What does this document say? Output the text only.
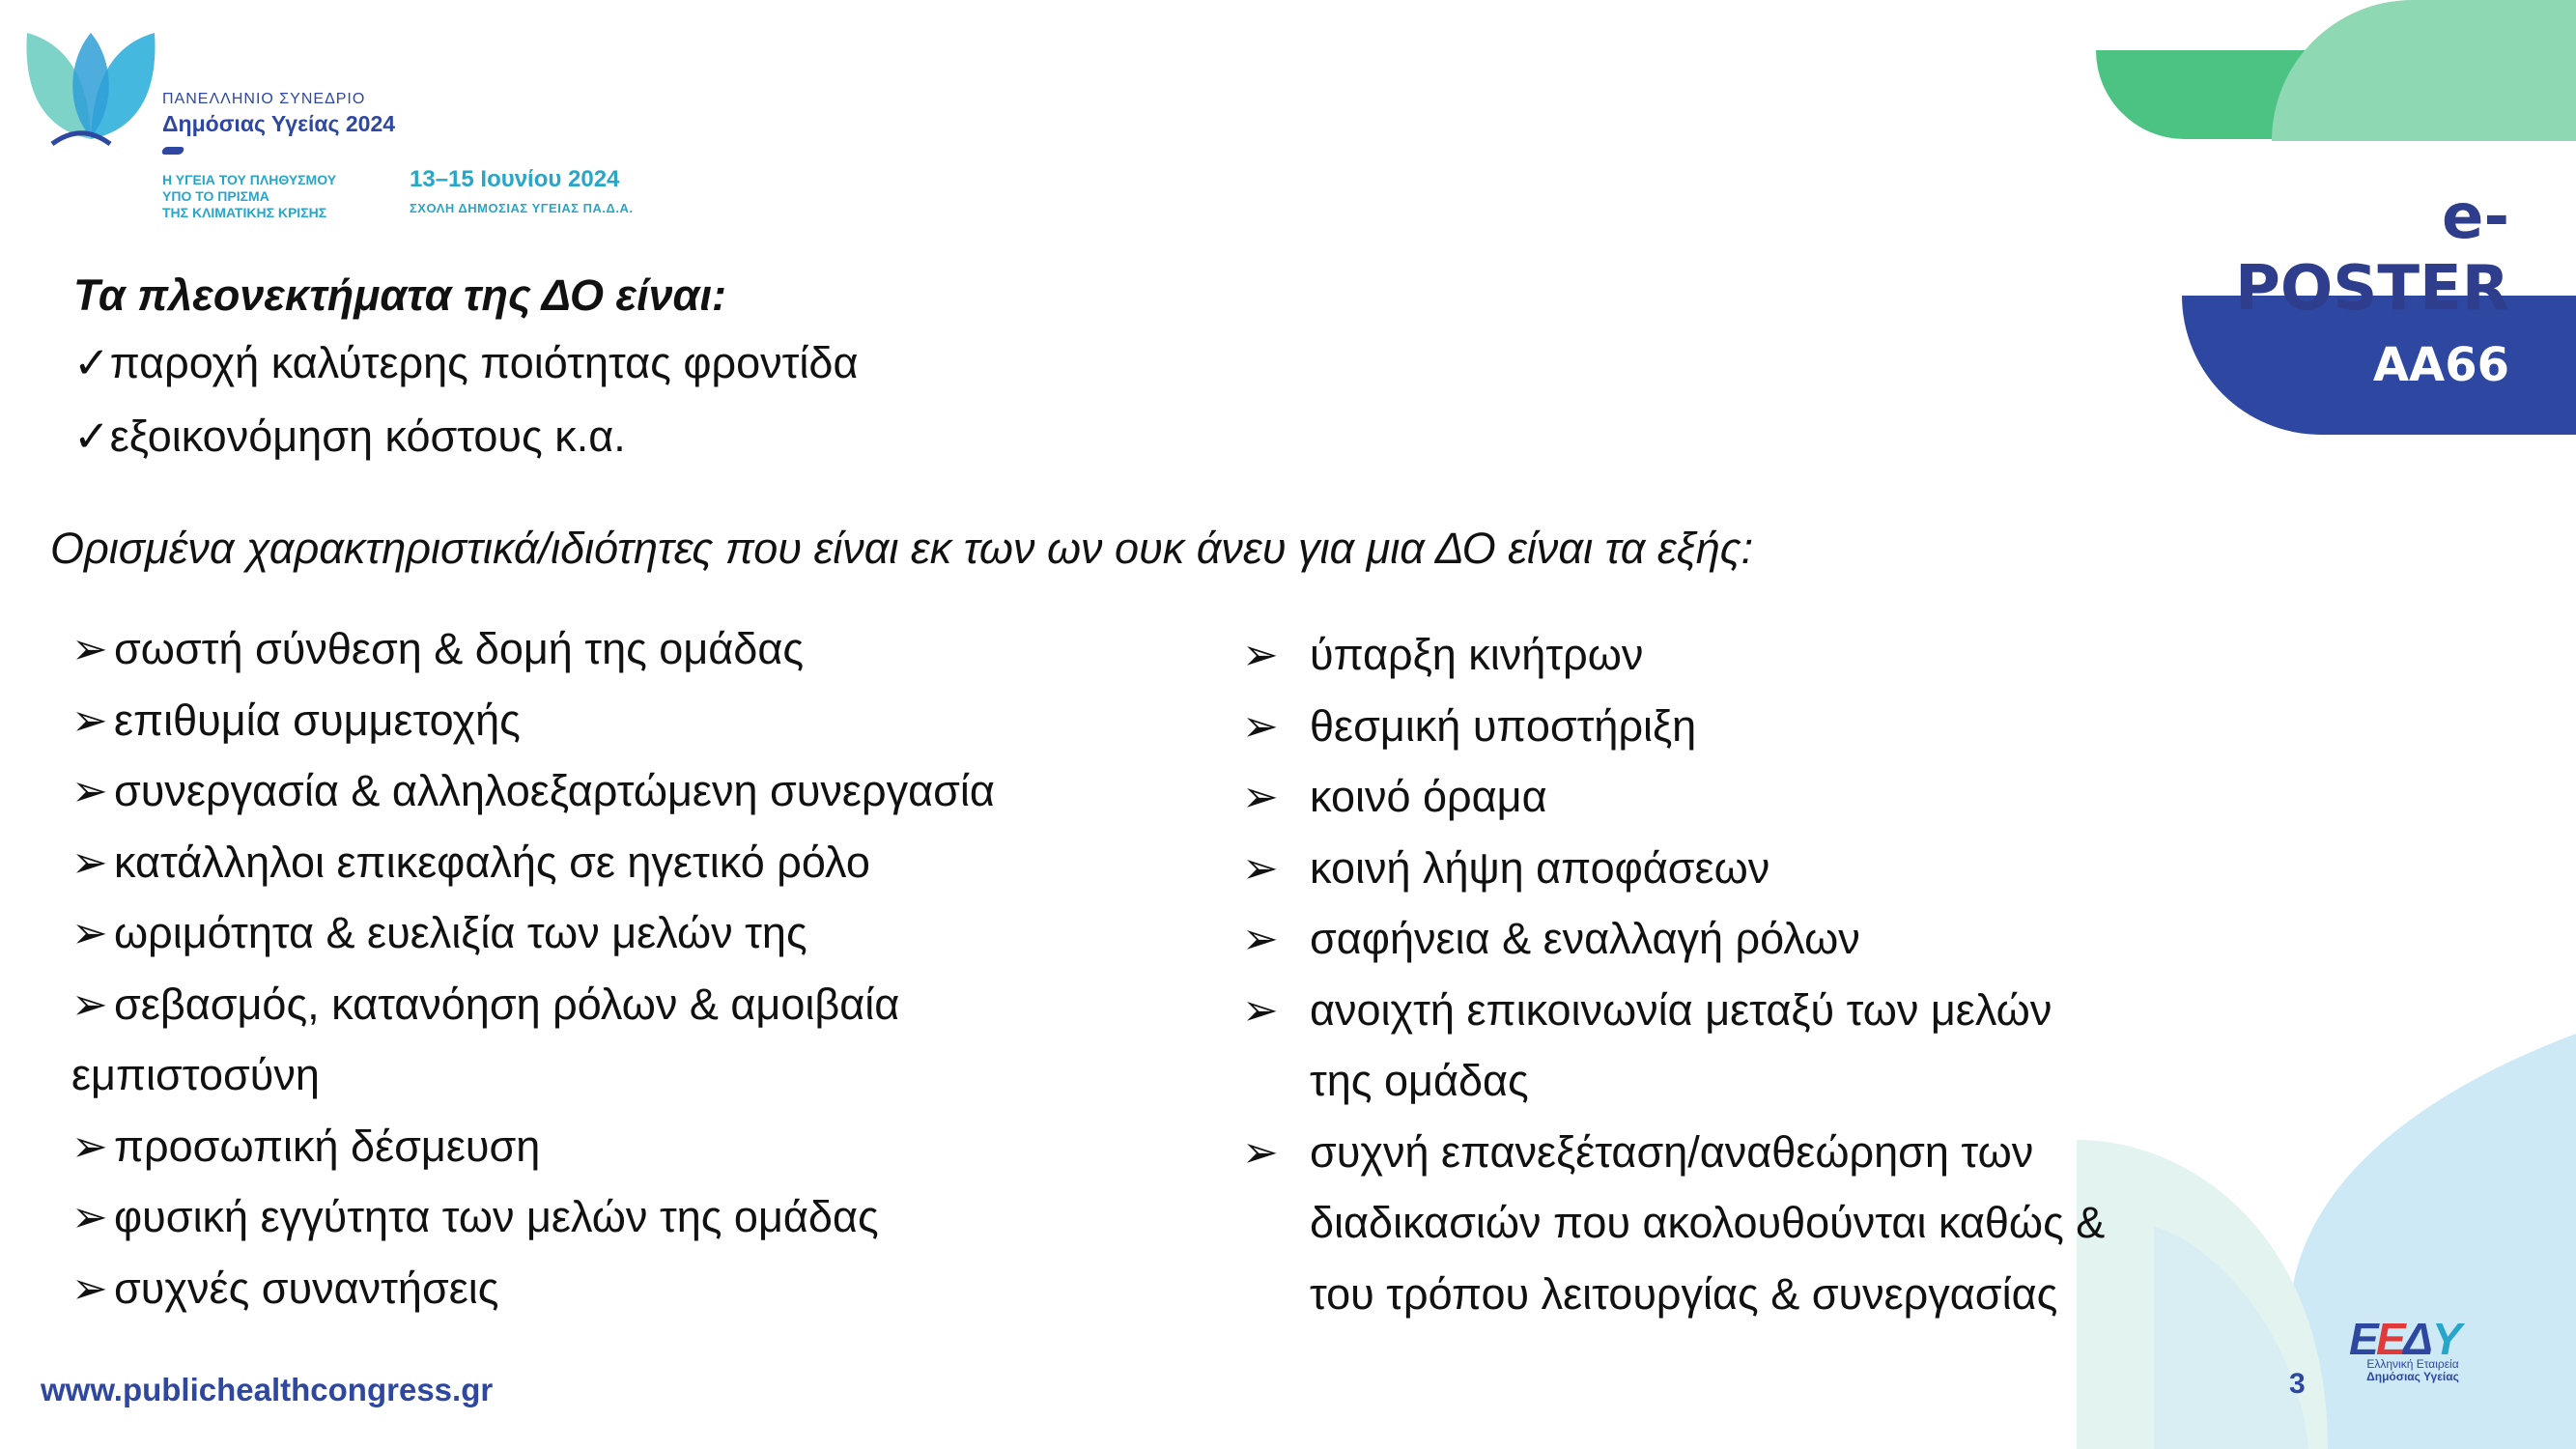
ΠΑΝΕΛΛΗΝΙΟ ΣΥΝΕΔΡΙΟ
Δημόσιας Υγείας 2024
Η ΥΓΕΙΑ ΤΟΥ ΠΛΗΘΥΣΜΟΥ
ΥΠΟ ΤΟ ΠΡΙΣΜΑ
ΤΗΣ ΚΛΙΜΑΤΙΚΗΣ ΚΡΙΣΗΣ
13–15 Ιουνίου 2024
ΣΧΟΛΗ ΔΗΜΟΣΙΑΣ ΥΓΕΙΑΣ ΠΑ.Δ.Α.	e-POSTER
AA66
Τα πλεονεκτήματα της ΔΟ είναι:
✓παροχή καλύτερης ποιότητας φροντίδα
✓εξοικονόμηση κόστους κ.α.
Ορισμένα χαρακτηριστικά/ιδιότητες που είναι εκ των ων ουκ άνευ για μια ΔΟ είναι τα εξής:
➢ σωστή σύνθεση & δομή της ομάδας
➢ επιθυμία συμμετοχής
➢ συνεργασία & αλληλοεξαρτώμενη συνεργασία
➢ κατάλληλοι επικεφαλής σε ηγετικό ρόλο
➢ ωριμότητα & ευελιξία των μελών της
➢ σεβασμός, κατανόηση ρόλων & αμοιβαία
εμπιστοσύνη
➢ προσωπική δέσμευση
➢ φυσική εγγύτητα των μελών της ομάδας
➢ συχνές συναντήσεις
➢ ύπαρξη κινήτρων
➢ θεσμική υποστήριξη
➢ κοινό όραμα
➢ κοινή λήψη αποφάσεων
➢ σαφήνεια & εναλλαγή ρόλων
➢ ανοιχτή επικοινωνία μεταξύ των μελών
της ομάδας
➢ συχνή επανεξέταση/αναθεώρηση των
διαδικασιών που ακολουθούνται καθώς &
του τρόπου λειτουργίας & συνεργασίας
www.publichealthcongress.gr	3
E
E
Δ Y
Ελληνική Εταιρεία
Δημόσιας Υγείας
